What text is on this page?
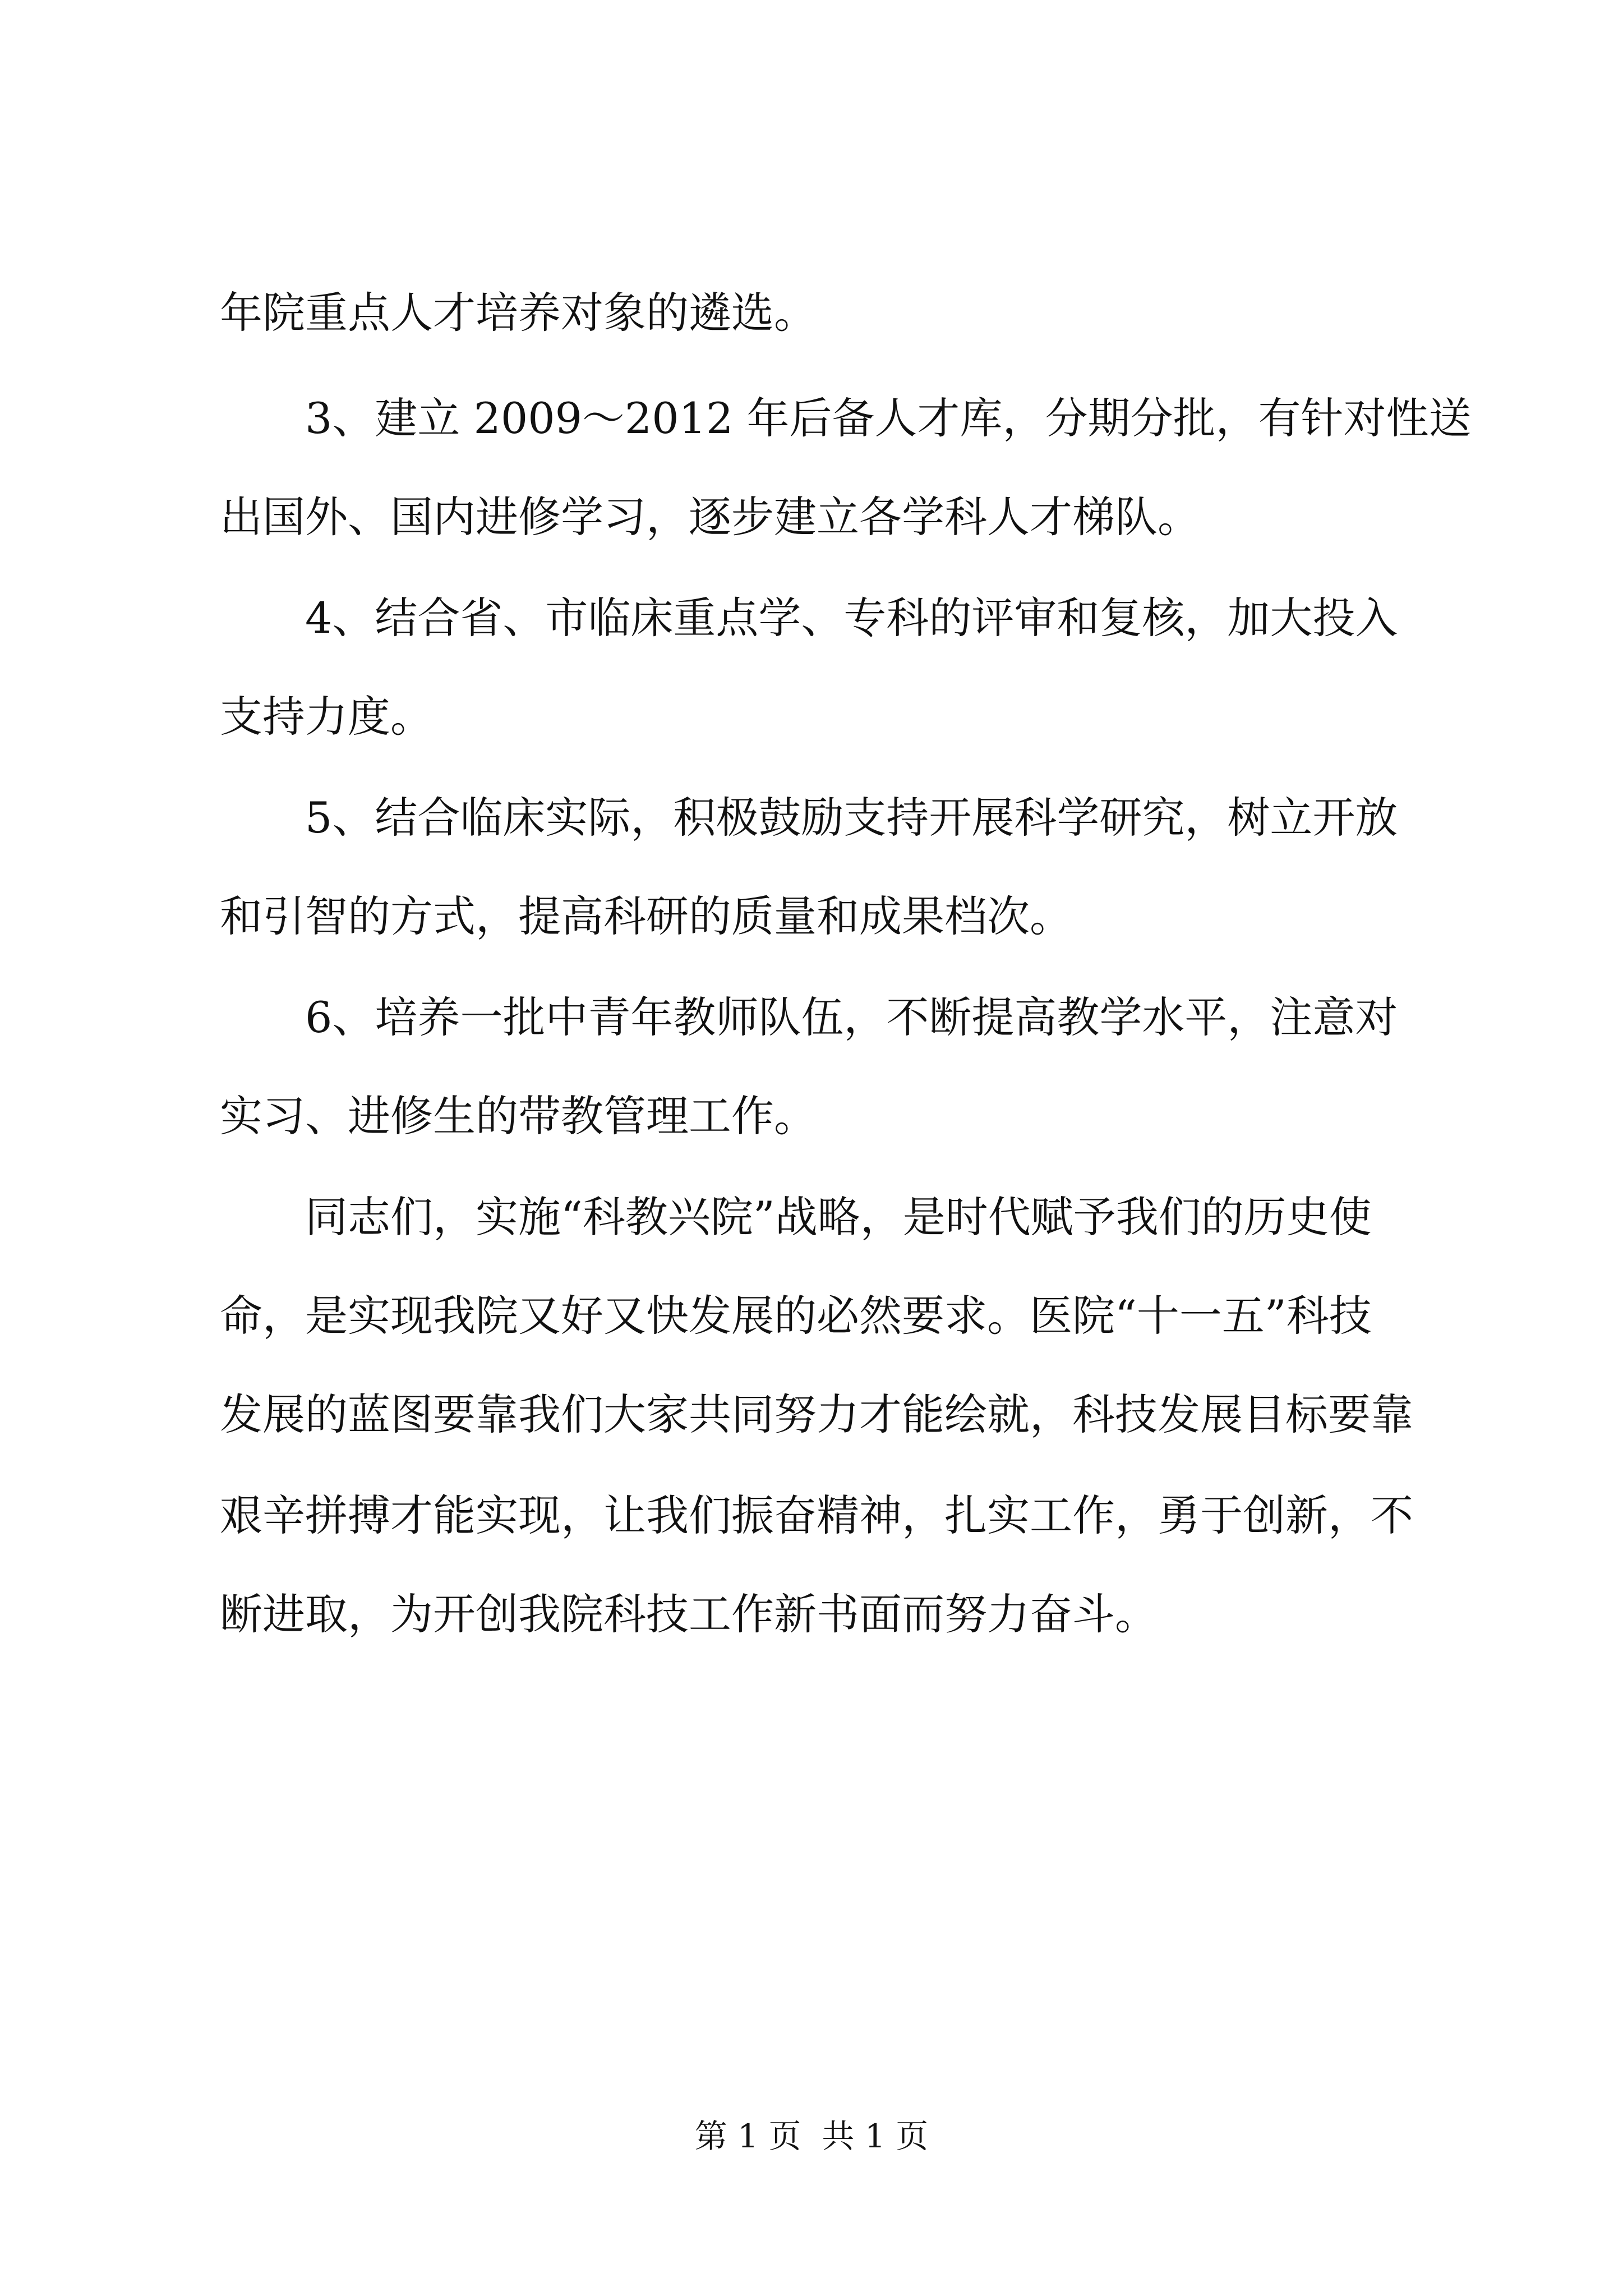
年院重点人才培养对象的遴选。
3、建立 2009～2012 年后备人才库，分期分批，有针对性送
出国外、国内进修学习，逐步建立各学科人才梯队。
4、结合省、市临床重点学、专科的评审和复核，加大投入
支持力度。
5、结合临床实际，积极鼓励支持开展科学研究，树立开放
和引智的方式，提高科研的质量和成果档次。
6、培养一批中青年教师队伍，不断提高教学水平，注意对
实习、进修生的带教管理工作。
同志们，实施“科教兴院”战略，是时代赋予我们的历史使
命，是实现我院又好又快发展的必然要求。医院“十一五”科技
发展的蓝图要靠我们大家共同努力才能绘就，科技发展目标要靠
艰辛拼搏才能实现，让我们振奋精神，扎实工作，勇于创新，不
断进取，为开创我院科技工作新书面而努力奋斗。
第 1 页  共 1 页
